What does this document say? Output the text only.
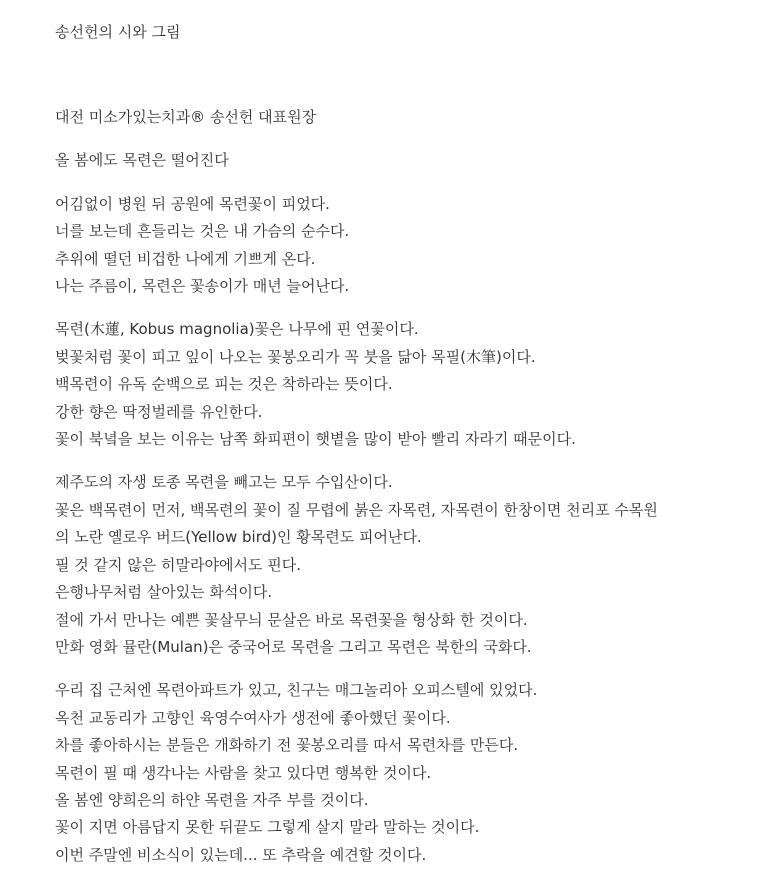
송선헌의 시와 그림
대전 미소가있는치과® 송선헌 대표원장
올 봄에도 목련은 떨어진다
어김없이 병원 뒤 공원에 목련꽃이 피었다.
너를 보는데 흔들리는 것은 내 가슴의 순수다.
추위에 떨던 비겁한 나에게 기쁘게 온다.
나는 주름이, 목련은 꽃송이가 매년 늘어난다.
목련(木蓮, Kobus magnolia)꽃은 나무에 핀 연꽃이다.
벚꽃처럼 꽃이 피고 잎이 나오는 꽃봉오리가 꼭 붓을 닮아 목필(木筆)이다.
백목련이 유독 순백으로 피는 것은 착하라는 뜻이다.
강한 향은 딱정벌레를 유인한다.
꽃이 북녘을 보는 이유는 남쪽 화피편이 햇볕을 많이 받아 빨리 자라기 때문이다.
제주도의 자생 토종 목련을 빼고는 모두 수입산이다.
꽃은 백목련이 먼저, 백목련의 꽃이 질 무렵에 붉은 자목련, 자목련이 한창이면 천리포 수목원
의 노란 옐로우 버드(Yellow bird)인 황목련도 피어난다.
필 것 같지 않은 히말라야에서도 핀다.
은행나무처럼 살아있는 화석이다.
절에 가서 만나는 예쁜 꽃살무늬 문살은 바로 목련꽃을 형상화 한 것이다.
만화 영화 뮬란(Mulan)은 중국어로 목련을 그리고 목련은 북한의 국화다.
우리 집 근처엔 목련아파트가 있고, 친구는 매그놀리아 오피스텔에 있었다.
옥천 교동리가 고향인 육영수여사가 생전에 좋아했던 꽃이다.
차를 좋아하시는 분들은 개화하기 전 꽃봉오리를 따서 목련차를 만든다.
목련이 필 때 생각나는 사람을 찾고 있다면 행복한 것이다.
올 봄엔 양희은의 하얀 목련을 자주 부를 것이다.
꽃이 지면 아름답지 못한 뒤끝도 그렇게 살지 말라 말하는 것이다.
이번 주말엔 비소식이 있는데... 또 추락을 예견할 것이다.
